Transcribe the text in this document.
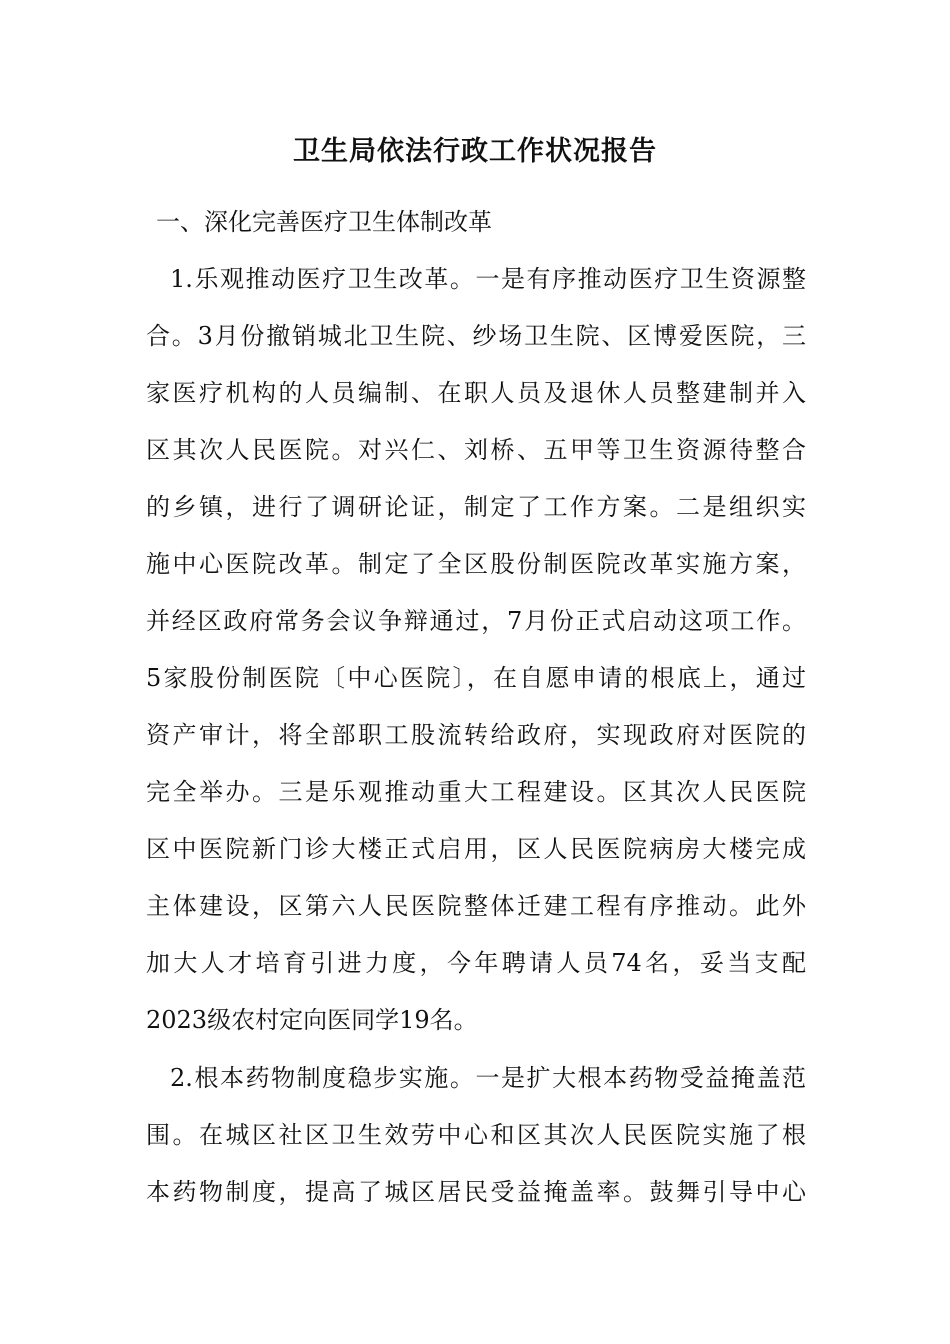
卫生局依法行政工作状况报告
一、深化完善医疗卫生体制改革
1.乐观推动医疗卫生改革。一是有序推动医疗卫生资源整
合。3月份撤销城北卫生院、纱场卫生院、区博爱医院，三
家医疗机构的人员编制、在职人员及退休人员整建制并入
区其次人民医院。对兴仁、刘桥、五甲等卫生资源待整合
的乡镇，进行了调研论证，制定了工作方案。二是组织实
施中心医院改革。制定了全区股份制医院改革实施方案，
并经区政府常务会议争辩通过，7月份正式启动这项工作。
5家股份制医院〔中心医院〕，在自愿申请的根底上，通过
资产审计，将全部职工股流转给政府，实现政府对医院的
完全举办。三是乐观推动重大工程建设。区其次人民医院
区中医院新门诊大楼正式启用，区人民医院病房大楼完成
主体建设，区第六人民医院整体迁建工程有序推动。此外
加大人才培育引进力度，今年聘请人员74名，妥当支配
2023级农村定向医同学19名。
2.根本药物制度稳步实施。一是扩大根本药物受益掩盖范
围。在城区社区卫生效劳中心和区其次人民医院实施了根
本药物制度，提高了城区居民受益掩盖率。鼓舞引导中心
